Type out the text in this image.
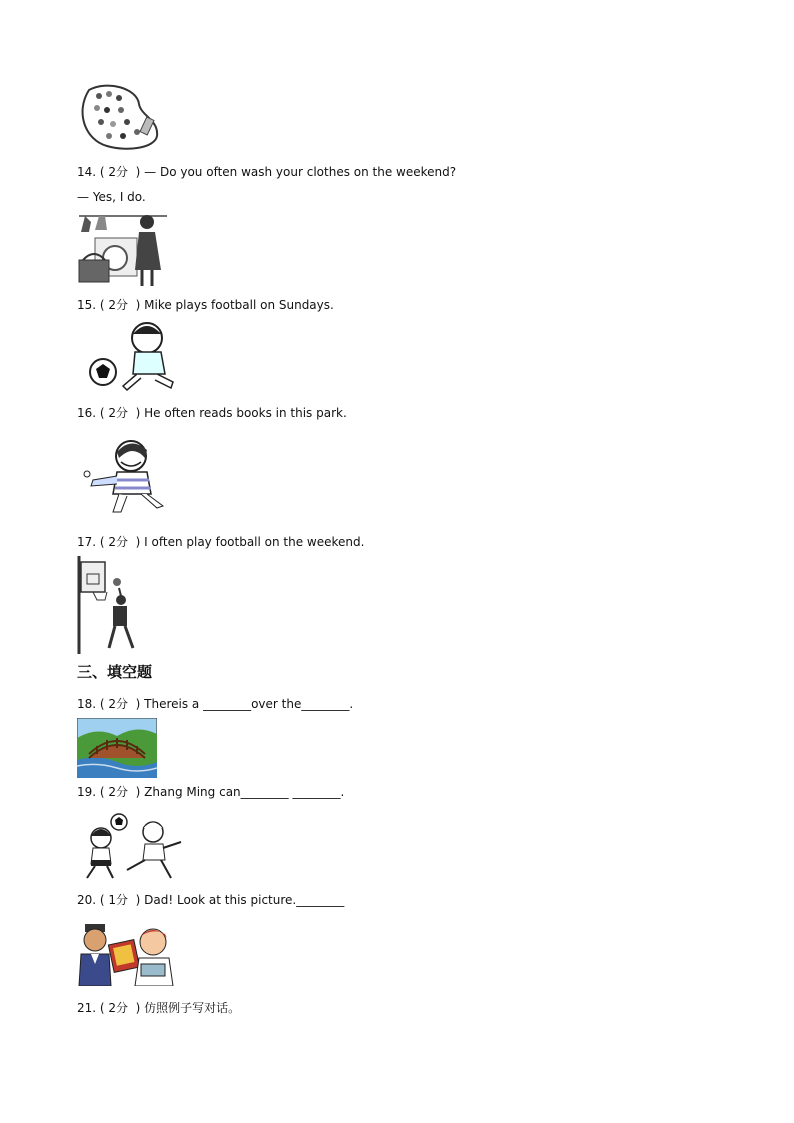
14. ( 2分  ) — Do you often wash your clothes on the weekend?
— Yes, I do.
15. ( 2分  ) Mike plays football on Sundays.
16. ( 2分  ) He often reads books in this park.
17. ( 2分  ) I often play football on the weekend.
三、填空题
18. ( 2分  ) Thereis a ________over the________.
19. ( 2分  ) Zhang Ming can________ ________.
20. ( 1分  ) Dad! Look at this picture.________
21. ( 2分  ) 仿照例子写对话。
